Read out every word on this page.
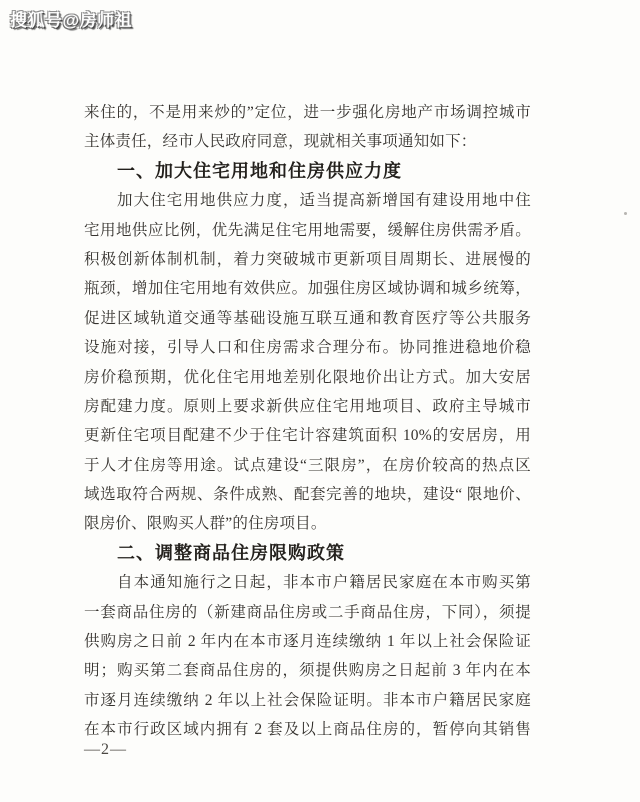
搜狐号@房师祖
来住的，不是用来炒的”定位，进一步强化房地产市场调控城市
主体责任，经市人民政府同意，现就相关事项通知如下：
一、加大住宅用地和住房供应力度
加大住宅用地供应力度，适当提高新增国有建设用地中住
宅用地供应比例，优先满足住宅用地需要，缓解住房供需矛盾。
积极创新体制机制，着力突破城市更新项目周期长、进展慢的
瓶颈，增加住宅用地有效供应。加强住房区域协调和城乡统筹，
促进区域轨道交通等基础设施互联互通和教育医疗等公共服务
设施对接，引导人口和住房需求合理分布。协同推进稳地价稳
房价稳预期，优化住宅用地差别化限地价出让方式。加大安居
房配建力度。原则上要求新供应住宅用地项目、政府主导城市
更新住宅项目配建不少于住宅计容建筑面积 10%的安居房，用
于人才住房等用途。试点建设“三限房”，在房价较高的热点区
域选取符合两规、条件成熟、配套完善的地块，建设“ 限地价、
限房价、限购买人群”的住房项目。
二、调整商品住房限购政策
自本通知施行之日起，非本市户籍居民家庭在本市购买第
一套商品住房的（新建商品住房或二手商品住房，下同），须提
供购房之日前 2 年内在本市逐月连续缴纳 1 年以上社会保险证
明；购买第二套商品住房的，须提供购房之日起前 3 年内在本
市逐月连续缴纳 2 年以上社会保险证明。非本市户籍居民家庭
在本市行政区域内拥有 2 套及以上商品住房的，暂停向其销售
—2—
